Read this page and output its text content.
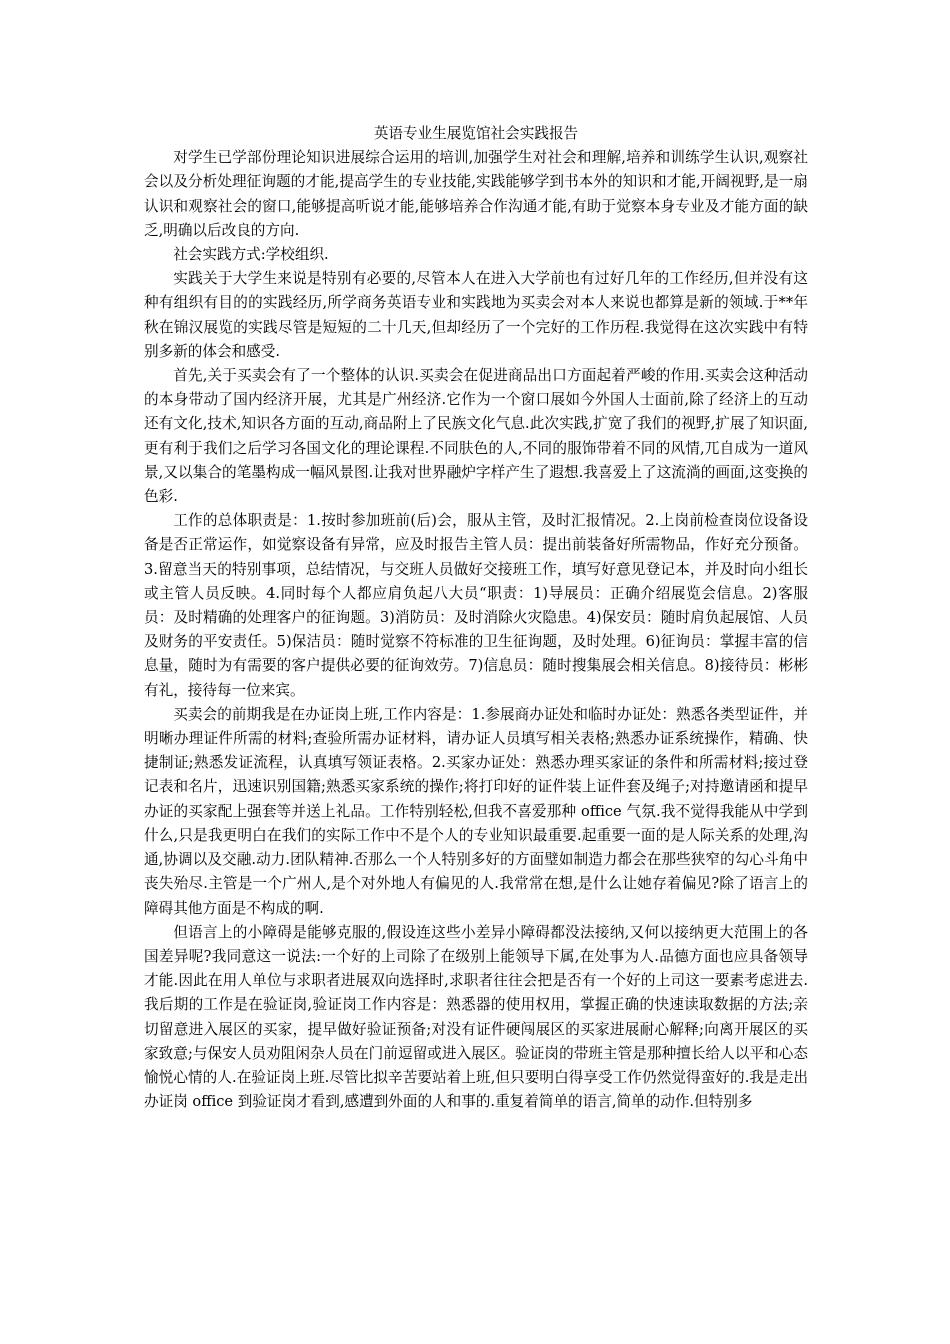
英语专业生展览馆社会实践报告

对学生已学部份理论知识进展综合运用的培训,加强学生对社会和理解,培养和训练学生认识,观察社会以及分析处理征询题的才能,提高学生的专业技能,实践能够学到书本外的知识和才能,开阔视野,是一扇认识和观察社会的窗口,能够提高听说才能,能够培养合作沟通才能,有助于觉察本身专业及才能方面的缺乏,明确以后改良的方向.

社会实践方式:学校组织.

实践关于大学生来说是特别有必要的,尽管本人在进入大学前也有过好几年的工作经历,但并没有这种有组织有目的的实践经历,所学商务英语专业和实践地为买卖会对本人来说也都算是新的领域.于**年秋在锦汉展览的实践尽管是短短的二十几天,但却经历了一个完好的工作历程.我觉得在这次实践中有特别多新的体会和感受.

首先,关于买卖会有了一个整体的认识.买卖会在促进商品出口方面起着严峻的作用.买卖会这种活动的本身带动了国内经济开展，尤其是广州经济.它作为一个窗口展如今外国人士面前,除了经济上的互动还有文化,技术,知识各方面的互动,商品附上了民族文化气息.此次实践,扩宽了我们的视野,扩展了知识面,更有利于我们之后学习各国文化的理论课程.不同肤色的人,不同的服饰带着不同的风情,兀自成为一道风景,又以集合的笔墨构成一幅风景图.让我对世界融炉字样产生了遐想.我喜爱上了这流淌的画面,这变换的色彩.

工作的总体职责是：1.按时参加班前(后)会，服从主管，及时汇报情况。2.上岗前检查岗位设备设备是否正常运作，如觉察设备有异常，应及时报告主管人员：提出前装备好所需物品，作好充分预备。3.留意当天的特别事项，总结情况，与交班人员做好交接班工作，填写好意见登记本，并及时向小组长或主管人员反映。4.同时每个人都应肩负起八大员“职责：1)导展员：正确介绍展览会信息。2)客服员：及时精确的处理客户的征询题。3)消防员：及时消除火灾隐患。4)保安员：随时肩负起展馆、人员及财务的平安责任。5)保洁员：随时觉察不符标准的卫生征询题，及时处理。6)征询员：掌握丰富的信息量，随时为有需要的客户提供必要的征询效劳。7)信息员：随时搜集展会相关信息。8)接待员：彬彬有礼，接待每一位来宾。

买卖会的前期我是在办证岗上班,工作内容是：1.参展商办证处和临时办证处：熟悉各类型证件，并明晰办理证件所需的材料;查验所需办证材料，请办证人员填写相关表格;熟悉办证系统操作，精确、快捷制证;熟悉发证流程，认真填写领证表格。2.买家办证处：熟悉办理买家证的条件和所需材料;接过登记表和名片，迅速识别国籍;熟悉买家系统的操作;将打印好的证件装上证件套及绳子;对持邀请函和提早办证的买家配上强套等并送上礼品。工作特别轻松,但我不喜爱那种 office 气氛.我不觉得我能从中学到什么,只是我更明白在我们的实际工作中不是个人的专业知识最重要.起重要一面的是人际关系的处理,沟通,协调以及交融.动力.团队精神.否那么一个人特别多好的方面璧如制造力都会在那些狭窄的勾心斗角中丧失殆尽.主管是一个广州人,是个对外地人有偏见的人.我常常在想,是什么让她存着偏见?除了语言上的障碍其他方面是不构成的啊.

但语言上的小障碍是能够克服的,假设连这些小差异小障碍都没法接纳,又何以接纳更大范围上的各国差异呢?我同意这一说法:一个好的上司除了在级别上能领导下属,在处事为人.品德方面也应具备领导才能.因此在用人单位与求职者进展双向选择时,求职者往往会把是否有一个好的上司这一要素考虑进去.我后期的工作是在验证岗,验证岗工作内容是：熟悉器的使用权用，掌握正确的快速读取数据的方法;亲切留意进入展区的买家，提早做好验证预备;对没有证件硬闯展区的买家进展耐心解释;向离开展区的买家致意;与保安人员劝阻闲杂人员在门前逗留或进入展区。验证岗的带班主管是那种擅长给人以平和心态愉悦心情的人.在验证岗上班.尽管比拟辛苦要站着上班,但只要明白得享受工作仍然觉得蛮好的.我是走出办证岗 office 到验证岗才看到,感遭到外面的人和事的.重复着简单的语言,简单的动作.但特别多
